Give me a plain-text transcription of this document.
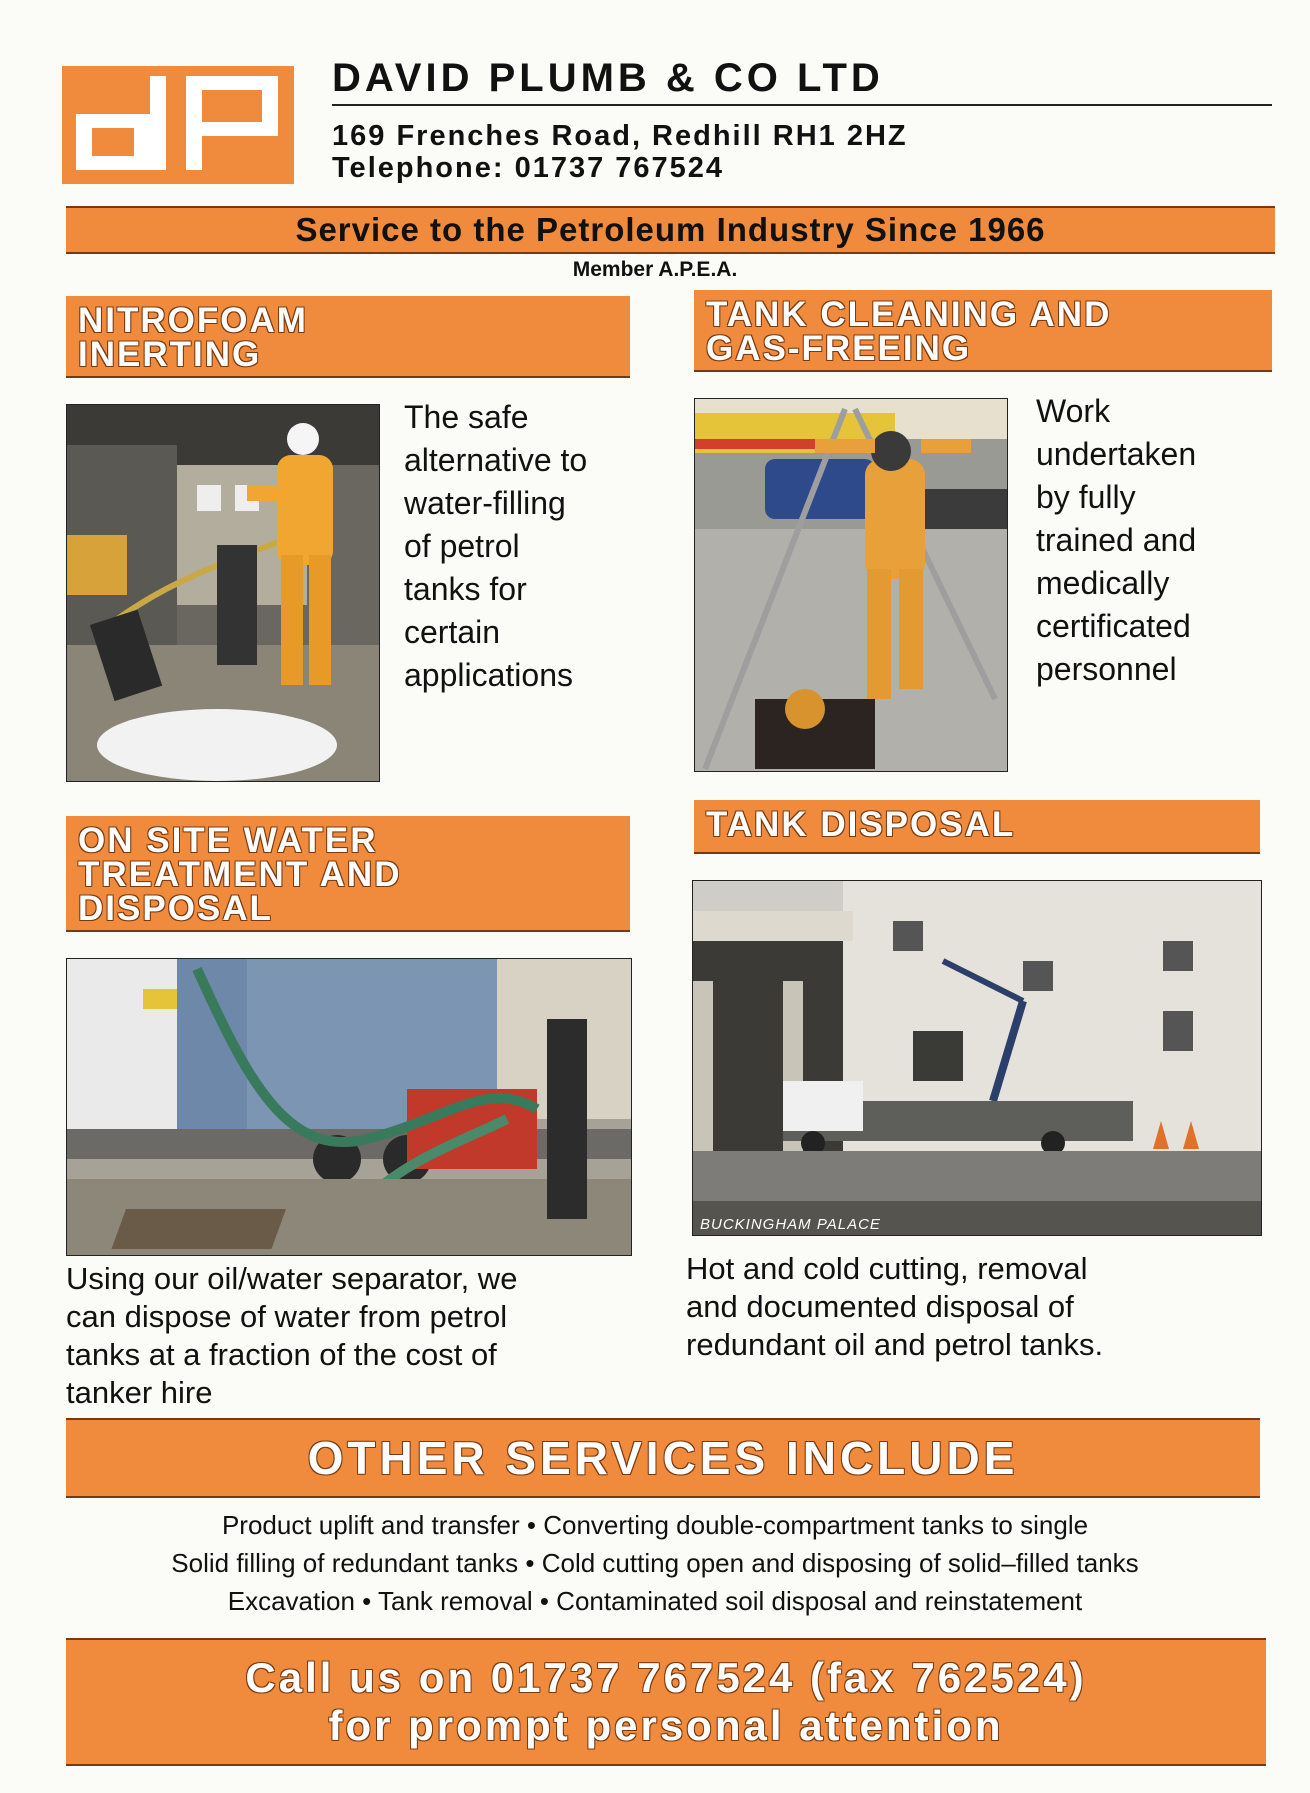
DAVID PLUMB & CO LTD
169 Frenches Road, Redhill RH1 2HZ
Telephone: 01737 767524
Service to the Petroleum Industry Since 1966
Member A.P.E.A.
NITROFOAM
INERTING
The safe
alternative to
water-filling
of petrol
tanks for
certain
applications
TANK CLEANING AND
GAS-FREEING
Work
undertaken
by fully
trained and
medically
certificated
personnel
ON SITE WATER
TREATMENT AND
DISPOSAL
Using our oil/water separator, we
can dispose of water from petrol
tanks at a fraction of the cost of
tanker hire
TANK DISPOSAL
BUCKINGHAM PALACE
Hot and cold cutting, removal
and documented disposal of
redundant oil and petrol tanks.
OTHER SERVICES INCLUDE
Product uplift and transfer • Converting double-compartment tanks to single
Solid filling of redundant tanks • Cold cutting open and disposing of solid–filled tanks
Excavation • Tank removal • Contaminated soil disposal and reinstatement
Call us on 01737 767524 (fax 762524)
for prompt personal attention
